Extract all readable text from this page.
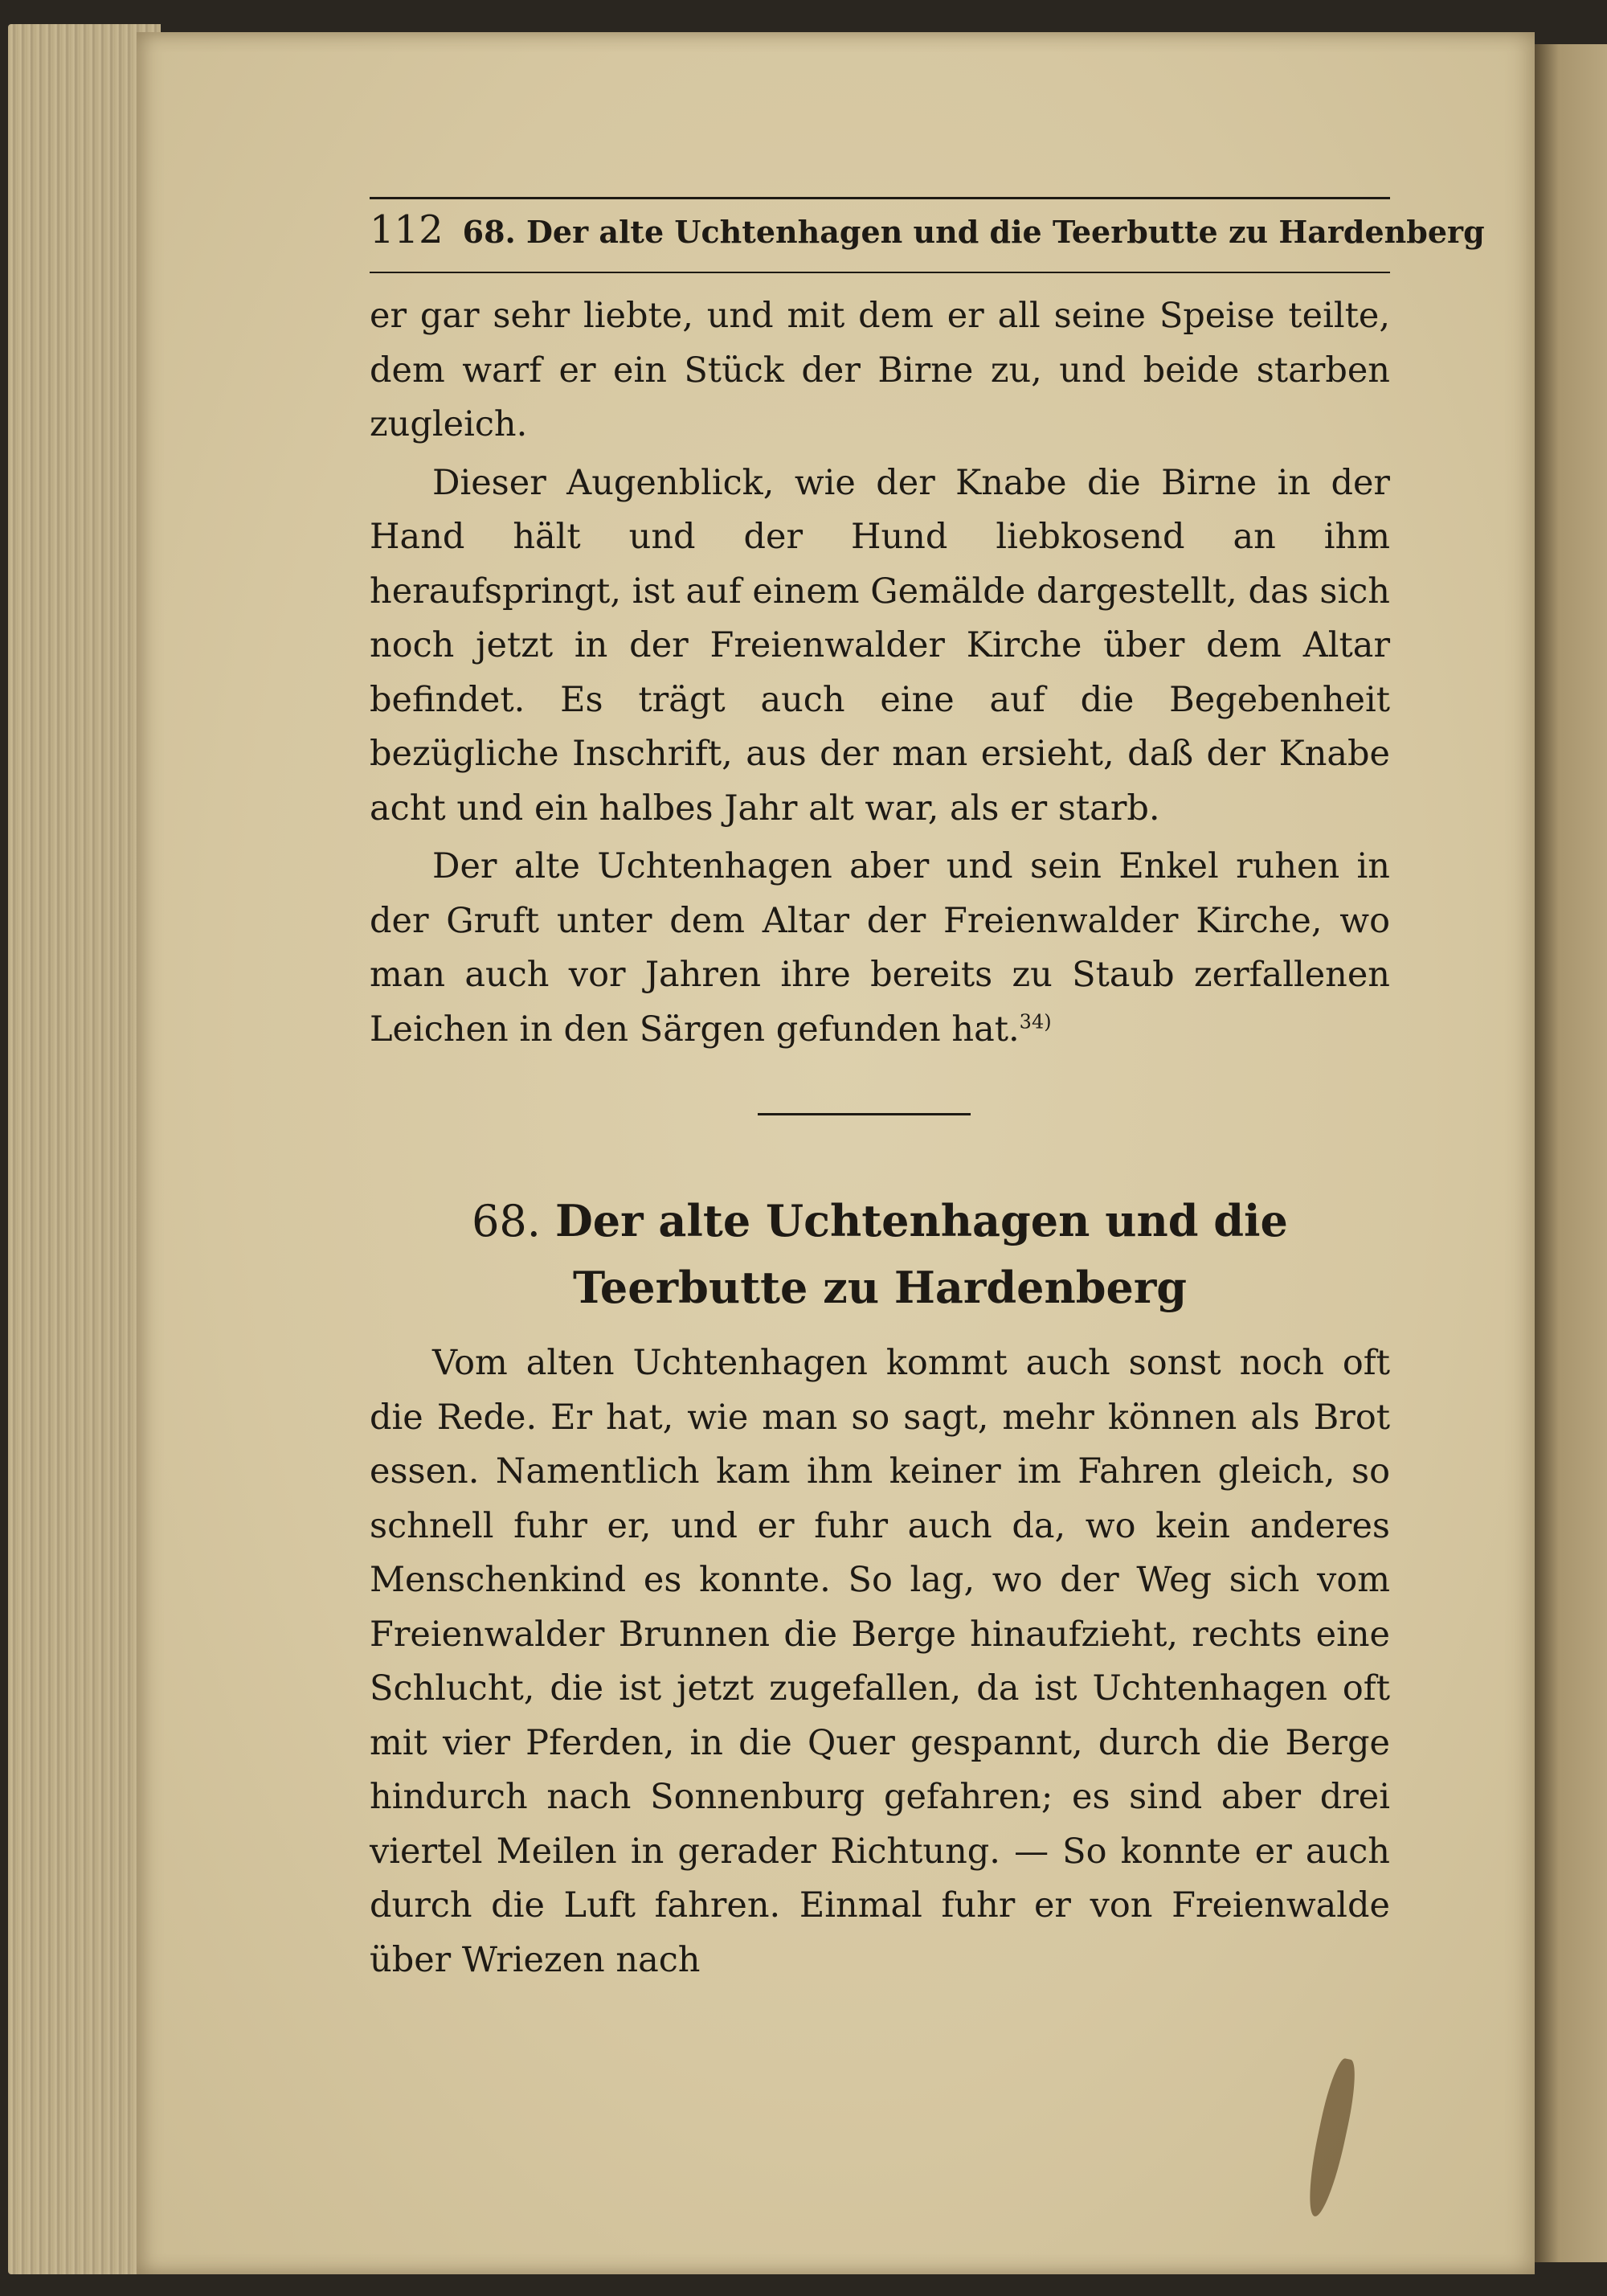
112 68. Der alte Uchtenhagen und die Teerbutte zu Hardenberg

er gar sehr liebte, und mit dem er all seine Speise teilte, dem warf er ein Stück der Birne zu, und beide starben zugleich.

Dieser Augenblick, wie der Knabe die Birne in der Hand hält und der Hund liebkosend an ihm heraufspringt, ist auf einem Gemälde dargestellt, das sich noch jetzt in der Freienwalder Kirche über dem Altar befindet. Es trägt auch eine auf die Begebenheit bezügliche Inschrift, aus der man ersieht, daß der Knabe acht und ein halbes Jahr alt war, als er starb.

Der alte Uchtenhagen aber und sein Enkel ruhen in der Gruft unter dem Altar der Freienwalder Kirche, wo man auch vor Jahren ihre bereits zu Staub zerfallenen Leichen in den Särgen gefunden hat.$^{34)}$

68. Der alte Uchtenhagen und die Teerbutte zu Hardenberg

Vom alten Uchtenhagen kommt auch sonst noch oft die Rede. Er hat, wie man so sagt, mehr können als Brot essen. Namentlich kam ihm keiner im Fahren gleich, so schnell fuhr er, und er fuhr auch da, wo kein anderes Menschenkind es konnte. So lag, wo der Weg sich vom Freienwalder Brunnen die Berge hinaufzieht, rechts eine Schlucht, die ist jetzt zugefallen, da ist Uchtenhagen oft mit vier Pferden, in die Quer gespannt, durch die Berge hindurch nach Sonnenburg gefahren; es sind aber drei viertel Meilen in gerader Richtung. — So konnte er auch durch die Luft fahren. Einmal fuhr er von Freienwalde über Wriezen nach
